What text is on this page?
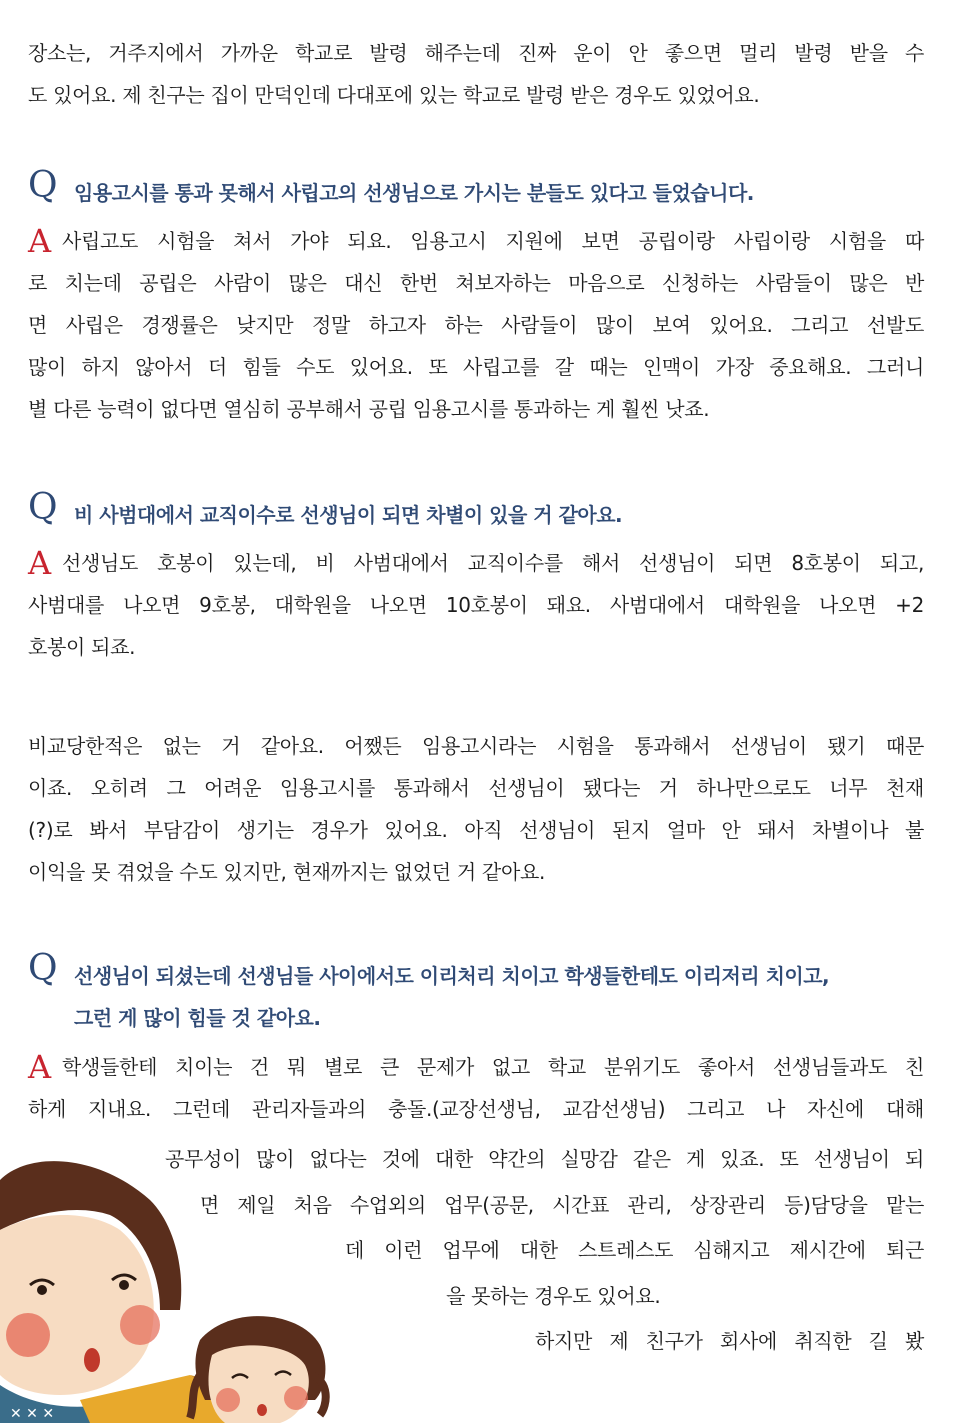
장소는, 거주지에서 가까운 학교로 발령 해주는데 진짜 운이 안 좋으면 멀리 발령 받을 수
도 있어요. 제 친구는 집이 만덕인데 다대포에 있는 학교로 발령 받은 경우도 있었어요.
Q 임용고시를 통과 못해서 사립고의 선생님으로 가시는 분들도 있다고 들었습니다.
A사립고도 시험을 쳐서 가야 되요. 임용고시 지원에 보면 공립이랑 사립이랑 시험을 따
로 치는데 공립은 사람이 많은 대신 한번 쳐보자하는 마음으로 신청하는 사람들이 많은 반
면 사립은 경쟁률은 낮지만 정말 하고자 하는 사람들이 많이 보여 있어요. 그리고 선발도
많이 하지 않아서 더 힘들 수도 있어요. 또 사립고를 갈 때는 인맥이 가장 중요해요. 그러니
별 다른 능력이 없다면 열심히 공부해서 공립 임용고시를 통과하는 게 훨씬 낫죠.
Q 비 사범대에서 교직이수로 선생님이 되면 차별이 있을 거 같아요.
A선생님도 호봉이 있는데, 비 사범대에서 교직이수를 해서 선생님이 되면 8호봉이 되고,
사범대를 나오면 9호봉, 대학원을 나오면 10호봉이 돼요. 사범대에서 대학원을 나오면 +2
호봉이 되죠.
비교당한적은 없는 거 같아요. 어쨌든 임용고시라는 시험을 통과해서 선생님이 됐기 때문
이죠. 오히려 그 어려운 임용고시를 통과해서 선생님이 됐다는 거 하나만으로도 너무 천재
(?)로 봐서 부담감이 생기는 경우가 있어요. 아직 선생님이 된지 얼마 안 돼서 차별이나 불
이익을 못 겪었을 수도 있지만, 현재까지는 없었던 거 같아요.
Q 선생님이 되셨는데 선생님들 사이에서도 이리처리 치이고 학생들한테도 이리저리 치이고,
그런 게 많이 힘들 것 같아요.
A학생들한테 치이는 건 뭐 별로 큰 문제가 없고 학교 분위기도 좋아서 선생님들과도 친
하게 지내요. 그런데 관리자들과의 충돌.(교장선생님, 교감선생님) 그리고 나 자신에 대해
공무성이 많이 없다는 것에 대한 약간의 실망감 같은 게 있죠. 또 선생님이 되
면 제일 처음 수업외의 업무(공문, 시간표 관리, 상장관리 등)담당을 맡는
데 이런 업무에 대한 스트레스도 심해지고 제시간에 퇴근
을 못하는 경우도 있어요.
하지만 제 친구가 회사에 취직한 길 봤
✕ ✕ ✕
